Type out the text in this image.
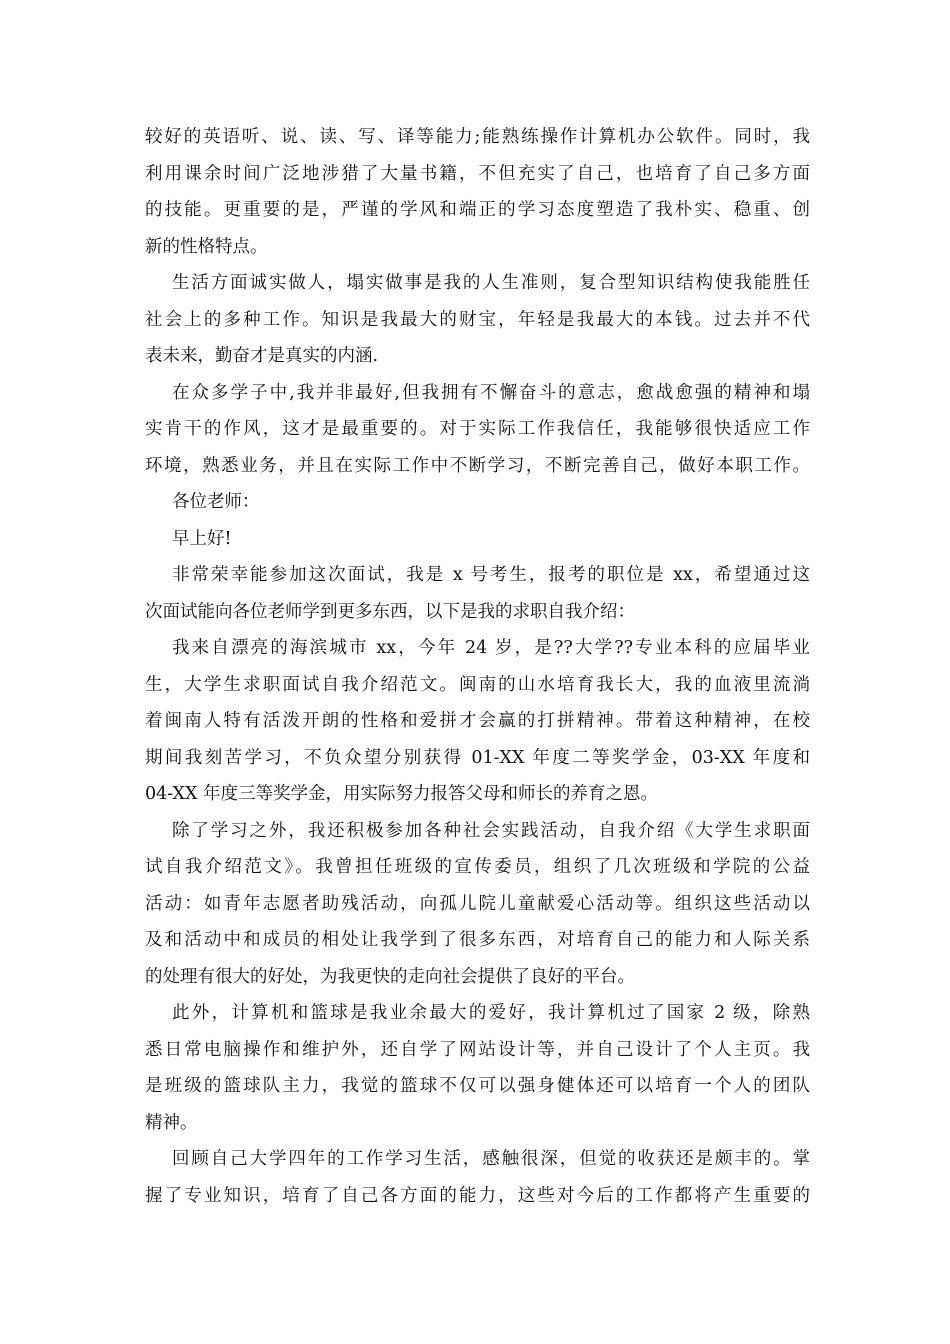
较好的英语听、说、读、写、译等能力;能熟练操作计算机办公软件。同时，我
利用课余时间广泛地涉猎了大量书籍，不但充实了自己，也培育了自己多方面
的技能。更重要的是，严谨的学风和端正的学习态度塑造了我朴实、稳重、创
新的性格特点。
生活方面诚实做人，塌实做事是我的人生准则，复合型知识结构使我能胜任
社会上的多种工作。知识是我最大的财宝，年轻是我最大的本钱。过去并不代
表未来，勤奋才是真实的内涵.
在众多学子中,我并非最好,但我拥有不懈奋斗的意志，愈战愈强的精神和塌
实肯干的作风，这才是最重要的。对于实际工作我信任，我能够很快适应工作
环境，熟悉业务，并且在实际工作中不断学习，不断完善自己，做好本职工作。
各位老师：
早上好!
非常荣幸能参加这次面试，我是 x 号考生，报考的职位是 xx，希望通过这
次面试能向各位老师学到更多东西，以下是我的求职自我介绍：
我来自漂亮的海滨城市 xx，今年 24 岁，是??大学??专业本科的应届毕业
生，大学生求职面试自我介绍范文。闽南的山水培育我长大，我的血液里流淌
着闽南人特有活泼开朗的性格和爱拼才会赢的打拼精神。带着这种精神，在校
期间我刻苦学习，不负众望分别获得 01-XX 年度二等奖学金，03-XX 年度和
04-XX 年度三等奖学金，用实际努力报答父母和师长的养育之恩。
除了学习之外，我还积极参加各种社会实践活动，自我介绍《大学生求职面
试自我介绍范文》。我曾担任班级的宣传委员，组织了几次班级和学院的公益
活动：如青年志愿者助残活动，向孤儿院儿童献爱心活动等。组织这些活动以
及和活动中和成员的相处让我学到了很多东西，对培育自己的能力和人际关系
的处理有很大的好处，为我更快的走向社会提供了良好的平台。
此外，计算机和篮球是我业余最大的爱好，我计算机过了国家 2 级，除熟
悉日常电脑操作和维护外，还自学了网站设计等，并自己设计了个人主页。我
是班级的篮球队主力，我觉的篮球不仅可以强身健体还可以培育一个人的团队
精神。
回顾自己大学四年的工作学习生活，感触很深，但觉的收获还是颇丰的。掌
握了专业知识，培育了自己各方面的能力，这些对今后的工作都将产生重要的
